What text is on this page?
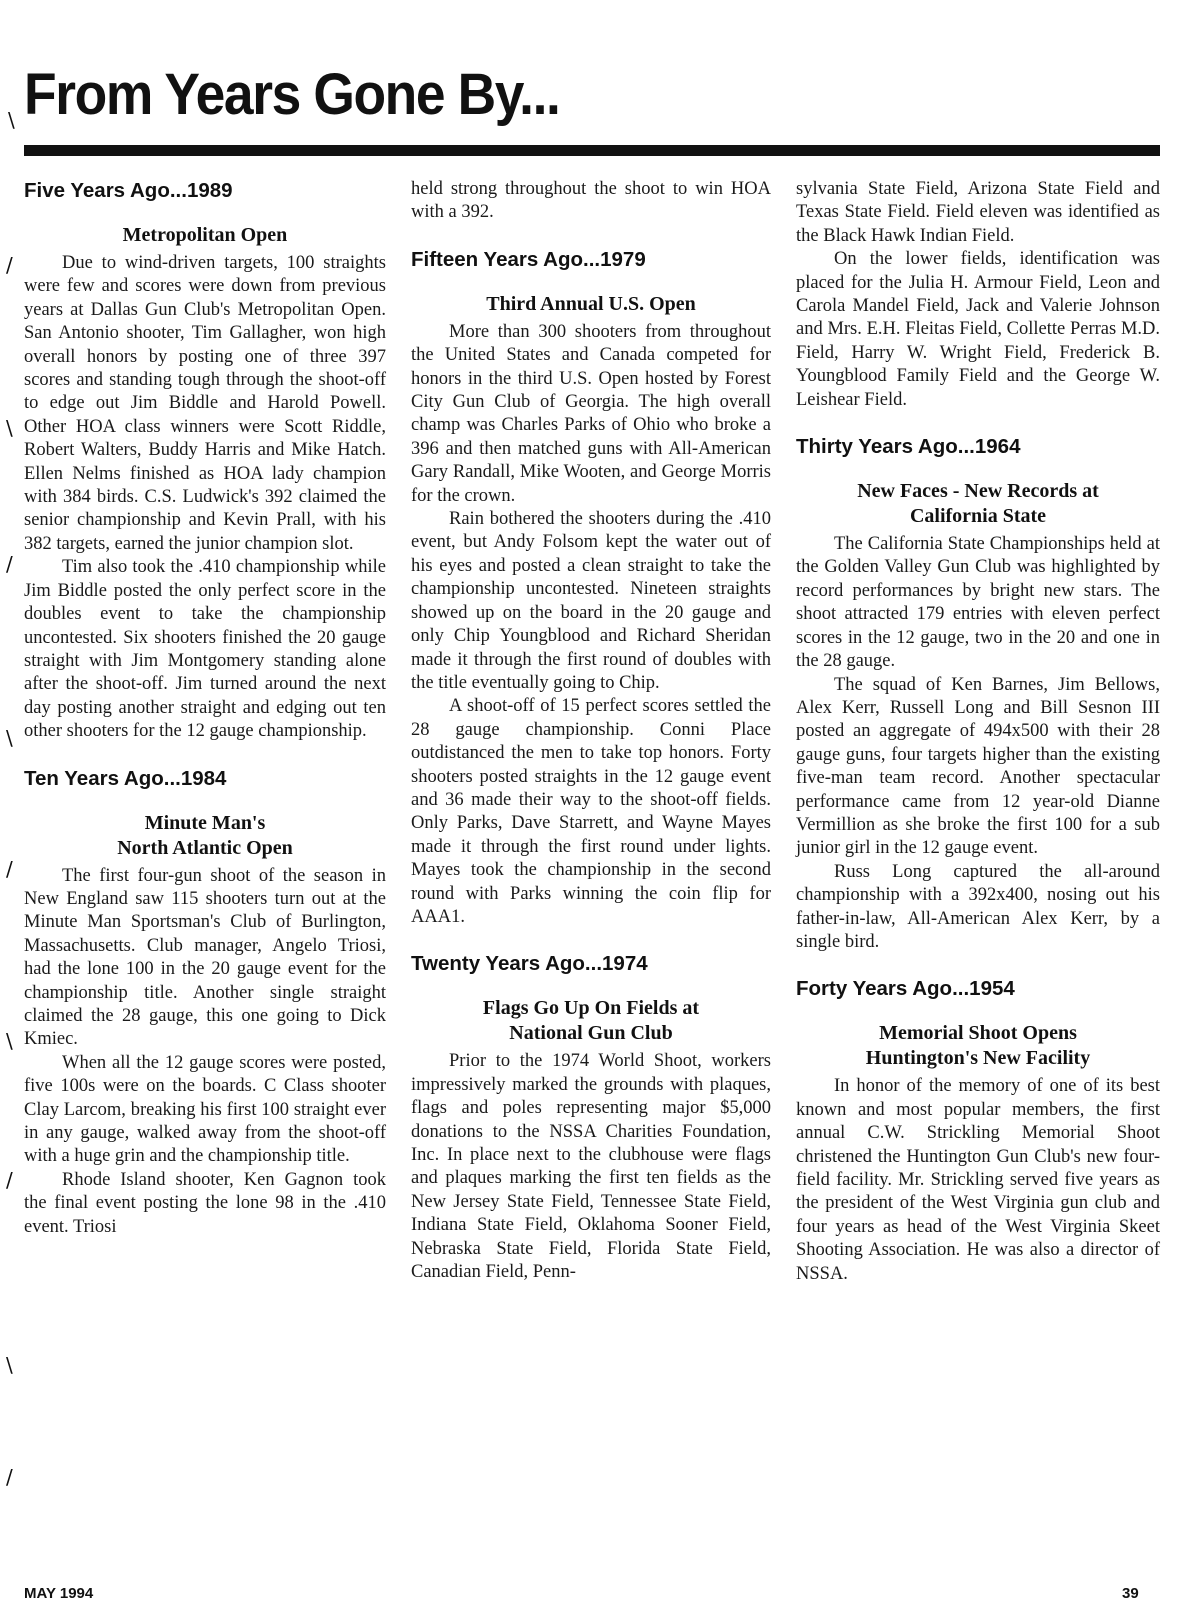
\ From Years Gone By...
/
\
/
\
/
\
/
\
/
Five Years Ago...1989
Metropolitan Open

Due to wind-driven targets, 100 straights were few and scores were down from previous years at Dallas Gun Club's Metropolitan Open. San Antonio shooter, Tim Gallagher, won high overall honors by posting one of three 397 scores and standing tough through the shoot-off to edge out Jim Biddle and Harold Powell. Other HOA class winners were Scott Riddle, Robert Walters, Buddy Harris and Mike Hatch. Ellen Nelms finished as HOA lady champion with 384 birds. C.S. Ludwick's 392 claimed the senior championship and Kevin Prall, with his 382 targets, earned the junior champion slot.

Tim also took the .410 championship while Jim Biddle posted the only perfect score in the doubles event to take the championship uncontested. Six shooters finished the 20 gauge straight with Jim Montgomery standing alone after the shoot-off. Jim turned around the next day posting another straight and edging out ten other shooters for the 12 gauge championship.

Ten Years Ago...1984
Minute Man's
North Atlantic Open

The first four-gun shoot of the season in New England saw 115 shooters turn out at the Minute Man Sportsman's Club of Burlington, Massachusetts. Club manager, Angelo Triosi, had the lone 100 in the 20 gauge event for the championship title. Another single straight claimed the 28 gauge, this one going to Dick Kmiec.

When all the 12 gauge scores were posted, five 100s were on the boards. C Class shooter Clay Larcom, breaking his first 100 straight ever in any gauge, walked away from the shoot-off with a huge grin and the championship title.

Rhode Island shooter, Ken Gagnon took the final event posting the lone 98 in the .410 event. Triosi

held strong throughout the shoot to win HOA with a 392.

Fifteen Years Ago...1979
Third Annual U.S. Open

More than 300 shooters from throughout the United States and Canada competed for honors in the third U.S. Open hosted by Forest City Gun Club of Georgia. The high overall champ was Charles Parks of Ohio who broke a 396 and then matched guns with All-American Gary Randall, Mike Wooten, and George Morris for the crown.

Rain bothered the shooters during the .410 event, but Andy Folsom kept the water out of his eyes and posted a clean straight to take the championship uncontested. Nineteen straights showed up on the board in the 20 gauge and only Chip Youngblood and Richard Sheridan made it through the first round of doubles with the title eventually going to Chip.

A shoot-off of 15 perfect scores settled the 28 gauge championship. Conni Place outdistanced the men to take top honors. Forty shooters posted straights in the 12 gauge event and 36 made their way to the shoot-off fields. Only Parks, Dave Starrett, and Wayne Mayes made it through the first round under lights. Mayes took the championship in the second round with Parks winning the coin flip for AAA1.

Twenty Years Ago...1974
Flags Go Up On Fields at
National Gun Club

Prior to the 1974 World Shoot, workers impressively marked the grounds with plaques, flags and poles representing major $5,000 donations to the NSSA Charities Foundation, Inc. In place next to the clubhouse were flags and plaques marking the first ten fields as the New Jersey State Field, Tennessee State Field, Indiana State Field, Oklahoma Sooner Field, Nebraska State Field, Florida State Field, Canadian Field, Penn-

sylvania State Field, Arizona State Field and Texas State Field. Field eleven was identified as the Black Hawk Indian Field.

On the lower fields, identification was placed for the Julia H. Armour Field, Leon and Carola Mandel Field, Jack and Valerie Johnson and Mrs. E.H. Fleitas Field, Collette Perras M.D. Field, Harry W. Wright Field, Frederick B. Youngblood Family Field and the George W. Leishear Field.

Thirty Years Ago...1964
New Faces - New Records at
California State

The California State Championships held at the Golden Valley Gun Club was highlighted by record performances by bright new stars. The shoot attracted 179 entries with eleven perfect scores in the 12 gauge, two in the 20 and one in the 28 gauge.

The squad of Ken Barnes, Jim Bellows, Alex Kerr, Russell Long and Bill Sesnon III posted an aggregate of 494x500 with their 28 gauge guns, four targets higher than the existing five-man team record. Another spectacular performance came from 12 year-old Dianne Vermillion as she broke the first 100 for a sub junior girl in the 12 gauge event.

Russ Long captured the all-around championship with a 392x400, nosing out his father-in-law, All-American Alex Kerr, by a single bird.

Forty Years Ago...1954
Memorial Shoot Opens
Huntington's New Facility

In honor of the memory of one of its best known and most popular members, the first annual C.W. Strickling Memorial Shoot christened the Huntington Gun Club's new four-field facility. Mr. Strickling served five years as the president of the West Virginia gun club and four years as head of the West Virginia Skeet Shooting Association. He was also a director of NSSA.

MAY 1994	39
